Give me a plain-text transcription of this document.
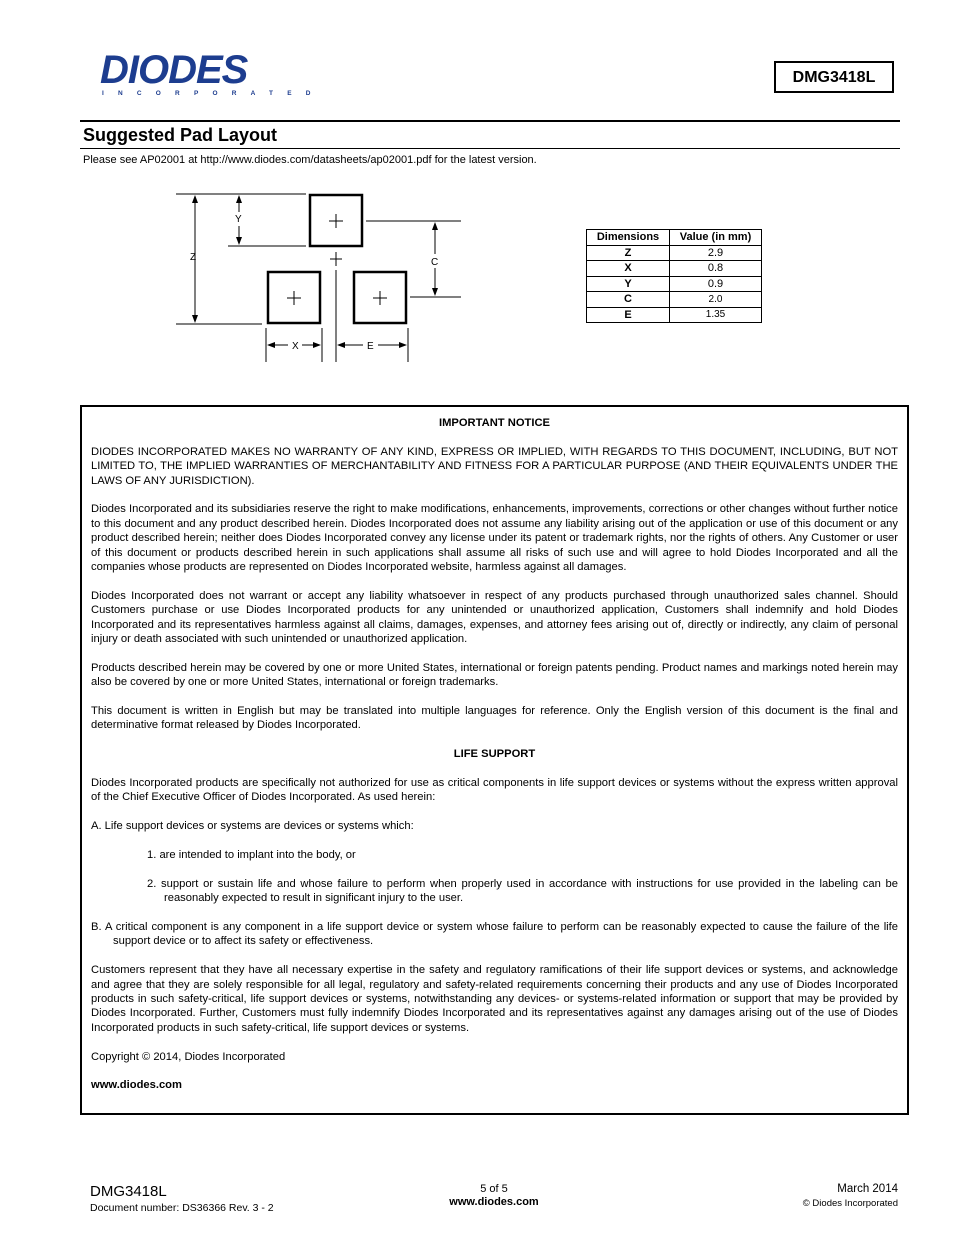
DIODES
INCORPORATED
DMG3418L
Suggested Pad Layout
Please see AP02001 at http://www.diodes.com/datasheets/ap02001.pdf for the latest version.
Y
Z	C
X	E
Dimensions	Value (in mm)
Z	2.9
X	0.8
Y	0.9
C	2.0
E	1.35

IMPORTANT NOTICE

DIODES INCORPORATED MAKES NO WARRANTY OF ANY KIND, EXPRESS OR IMPLIED, WITH REGARDS TO THIS DOCUMENT, INCLUDING, BUT NOT LIMITED TO, THE IMPLIED WARRANTIES OF MERCHANTABILITY AND FITNESS FOR A PARTICULAR PURPOSE (AND THEIR EQUIVALENTS UNDER THE LAWS OF ANY JURISDICTION).

Diodes Incorporated and its subsidiaries reserve the right to make modifications, enhancements, improvements, corrections or other changes without further notice to this document and any product described herein. Diodes Incorporated does not assume any liability arising out of the application or use of this document or any product described herein; neither does Diodes Incorporated convey any license under its patent or trademark rights, nor the rights of others. Any Customer or user of this document or products described herein in such applications shall assume all risks of such use and will agree to hold Diodes Incorporated and all the companies whose products are represented on Diodes Incorporated website, harmless against all damages.

Diodes Incorporated does not warrant or accept any liability whatsoever in respect of any products purchased through unauthorized sales channel. Should Customers purchase or use Diodes Incorporated products for any unintended or unauthorized application, Customers shall indemnify and hold Diodes Incorporated and its representatives harmless against all claims, damages, expenses, and attorney fees arising out of, directly or indirectly, any claim of personal injury or death associated with such unintended or unauthorized application.

Products described herein may be covered by one or more United States, international or foreign patents pending. Product names and markings noted herein may also be covered by one or more United States, international or foreign trademarks.

This document is written in English but may be translated into multiple languages for reference. Only the English version of this document is the final and determinative format released by Diodes Incorporated.

LIFE SUPPORT

Diodes Incorporated products are specifically not authorized for use as critical components in life support devices or systems without the express written approval of the Chief Executive Officer of Diodes Incorporated. As used herein:

A. Life support devices or systems are devices or systems which:

1. are intended to implant into the body, or

2. support or sustain life and whose failure to perform when properly used in accordance with instructions for use provided in the labeling can be reasonably expected to result in significant injury to the user.

B. A critical component is any component in a life support device or system whose failure to perform can be reasonably expected to cause the failure of the life support device or to affect its safety or effectiveness.

Customers represent that they have all necessary expertise in the safety and regulatory ramifications of their life support devices or systems, and acknowledge and agree that they are solely responsible for all legal, regulatory and safety-related requirements concerning their products and any use of Diodes Incorporated products in such safety-critical, life support devices or systems, notwithstanding any devices- or systems-related information or support that may be provided by Diodes Incorporated. Further, Customers must fully indemnify Diodes Incorporated and its representatives against any damages arising out of the use of Diodes Incorporated products in such safety-critical, life support devices or systems.

Copyright © 2014, Diodes Incorporated

www.diodes.com

DMG3418L
Document number: DS36366 Rev. 3 - 2
5 of 5
www.diodes.com
March 2014
© Diodes Incorporated
